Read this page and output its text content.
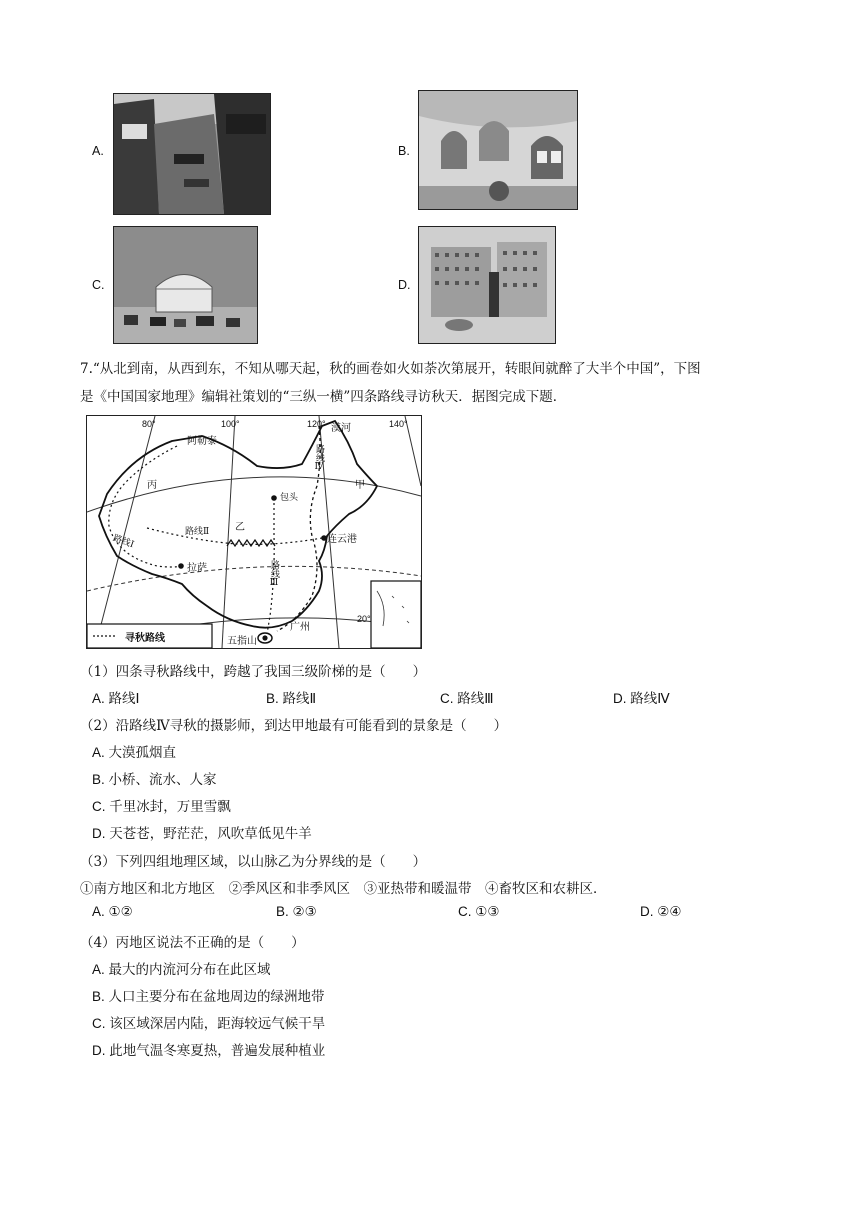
A.	B.
C.	D.
7.“从北到南，从西到东，不知从哪天起，秋的画卷如火如荼次第展开，转眼间就醉了大半个中国”，下图
是《中国国家地理》编辑社策划的“三纵一横”四条路线寻访秋天．据图完成下题．
80°	100°	120°	140°
20°
漠河
阿勒泰
丙	甲
乙
包头
连云港
拉萨
广州
五指山
路线Ⅰ
路线Ⅱ
路线Ⅲ
路线Ⅳ
寻秋路线
（1）四条寻秋路线中，跨越了我国三级阶梯的是（　　）
A. 路线Ⅰ	B. 路线Ⅱ	C. 路线Ⅲ	D. 路线Ⅳ
（2）沿路线Ⅳ寻秋的摄影师，到达甲地最有可能看到的景象是（　　）
A. 大漠孤烟直
B. 小桥、流水、人家
C. 千里冰封，万里雪飘
D. 天苍苍，野茫茫，风吹草低见牛羊
（3）下列四组地理区域，以山脉乙为分界线的是（　　）
①南方地区和北方地区　②季风区和非季风区　③亚热带和暖温带　④畜牧区和农耕区．
A. ①②	B. ②③	C. ①③	D. ②④
（4）丙地区说法不正确的是（　　）
A. 最大的内流河分布在此区域
B. 人口主要分布在盆地周边的绿洲地带
C. 该区域深居内陆，距海较远气候干旱
D. 此地气温冬寒夏热，普遍发展种植业
